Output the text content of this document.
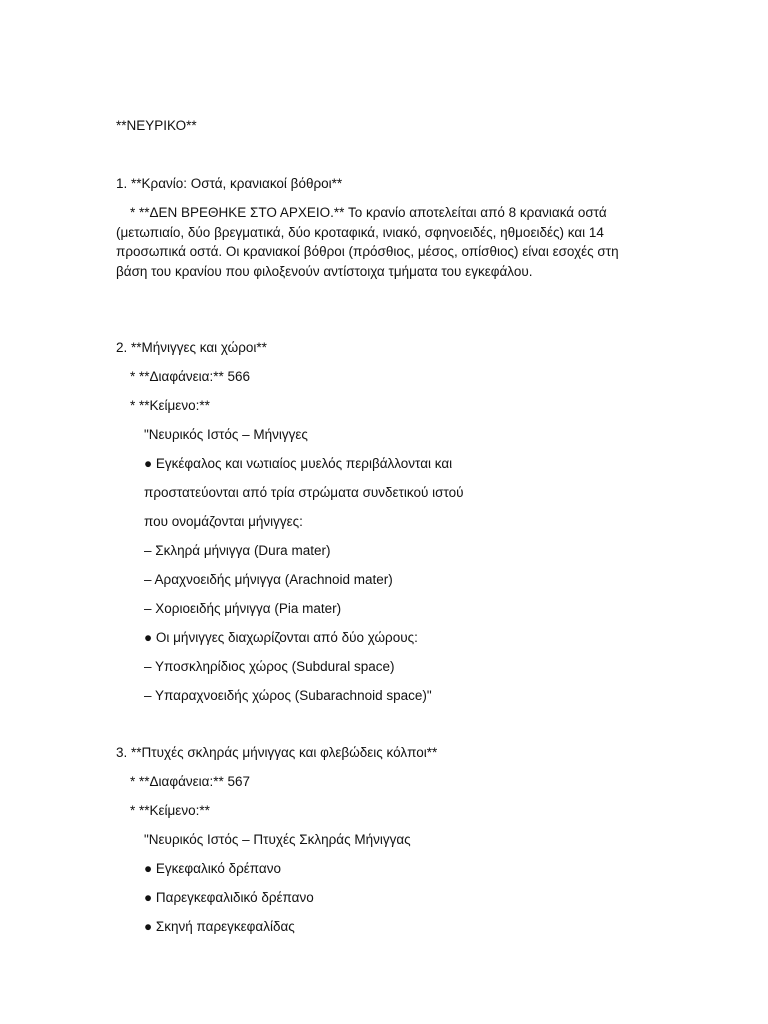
**ΝΕΥΡΙΚΟ**
1. **Κρανίο: Οστά, κρανιακοί βόθροι**

* **ΔΕΝ ΒΡΕΘΗΚΕ ΣΤΟ ΑΡΧΕΙΟ.** Το κρανίο αποτελείται από 8 κρανιακά οστά (μετωπιαίο, δύο βρεγματικά, δύο κροταφικά, ινιακό, σφηνοειδές, ηθμοειδές) και 14 προσωπικά οστά. Οι κρανιακοί βόθροι (πρόσθιος, μέσος, οπίσθιος) είναι εσοχές στη βάση του κρανίου που φιλοξενούν αντίστοιχα τμήματα του εγκεφάλου.

2. **Μήνιγγες και χώροι**
* **Διαφάνεια:** 566
* **Κείμενο:**
"Νευρικός Ιστός – Μήνιγγες
● Εγκέφαλος και νωτιαίος μυελός περιβάλλονται και
προστατεύονται από τρία στρώματα συνδετικού ιστού
που ονομάζονται μήνιγγες:
– Σκληρά μήνιγγα (Dura mater)
– Αραχνοειδής μήνιγγα (Arachnoid mater)
– Χοριοειδής μήνιγγα (Pia mater)
● Οι μήνιγγες διαχωρίζονται από δύο χώρους:
– Υποσκληρίδιος χώρος (Subdural space)
– Υπαραχνοειδής χώρος (Subarachnoid space)"
3. **Πτυχές σκληράς μήνιγγας και φλεβώδεις κόλποι**
* **Διαφάνεια:** 567
* **Κείμενο:**
"Νευρικός Ιστός – Πτυχές Σκληράς Μήνιγγας
● Εγκεφαλικό δρέπανο
● Παρεγκεφαλιδικό δρέπανο
● Σκηνή παρεγκεφαλίδας
